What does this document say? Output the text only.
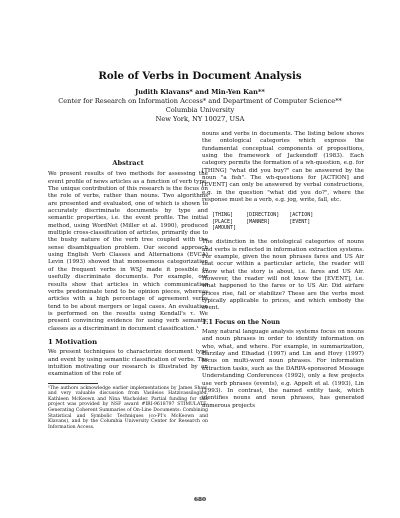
Role of Verbs in Document Analysis
Judith Klavans* and Min-Yen Kan**
Center for Research on Information Access* and Department of Computer Science**
Columbia University
New York, NY 10027, USA
Abstract

We present results of two methods for assessing the event profile of news articles as a function of verb type. The unique contribution of this research is the focus on the role of verbs, rather than nouns. Two algorithms are presented and evaluated, one of which is shown to accurately discriminate documents by type and semantic properties, i.e. the event profile. The initial method, using WordNet (Miller et al. 1990), produced multiple cross-classification of articles, primarily due to the bushy nature of the verb tree coupled with the sense disambiguation problem. Our second approach using English Verb Classes and Alternations (EVCA) Levin (1993) showed that monosemous categorization of the frequent verbs in WSJ made it possible to usefully discriminate documents. For example, our results show that articles in which communication verbs predominate tend to be opinion pieces, whereas articles with a high percentage of agreement verbs tend to be about mergers or legal cases. An evaluation is performed on the results using Kendall's τ. We present convincing evidence for using verb semantic classes as a discriminant in document classification.¹

1 Motivation

We present techniques to characterize document type and event by using semantic classification of verbs. The intuition motivating our research is illustrated by an examination of the role of

¹The authors acknowledge earlier implementations by James Shaw, and very valuable discussion from Vasileios Hatzivassiloglou, Kathleen McKeown and Nina Wacholder. Partial funding for this project was provided by NSF award #IRI-9618797 STIMULATE: Generating Coherent Summaries of On-Line Documents: Combining Statistical and Symbolic Techniques (co-PI's McKeown and Klavans), and by the Columbia University Center for Research on Information Access.

nouns and verbs in documents. The listing below shows the ontological categories which express the fundamental conceptual components of propositions, using the framework of Jackendoff (1983). Each category permits the formation of a wh-question, e.g. for [THING] "what did you buy?" can be answered by the noun "a fish". The wh-questions for [ACTION] and [EVENT] can only be answered by verbal constructions, e.g. in the question "what did you do?", where the response must be a verb, e.g. jog, write, fall, etc.

[THING]
[PLACE]
[AMOUNT]
[DIRECTION]
[MANNER]
[ACTION]
[EVENT]

The distinction in the ontological categories of nouns and verbs is reflected in information extraction systems. For example, given the noun phrases fares and US Air that occur within a particular article, the reader will know what the story is about, i.e. fares and US Air. However, the reader will not know the [EVENT], i.e. what happened to the fares or to US Air. Did airfare prices rise, fall or stabilize? These are the verbs most typically applicable to prices, and which embody the event.

1.1 Focus on the Noun

Many natural language analysis systems focus on nouns and noun phrases in order to identify information on who, what, and where. For example, in summarization, Barzilay and Elhadad (1997) and Lin and Hovy (1997) focus on multi-word noun phrases. For information extraction tasks, such as the DARPA-sponsored Message Understanding Conferences (1992), only a few projects use verb phrases (events), e.g. Appelt et al. (1993), Lin (1993). In contrast, the named entity task, which identifies nouns and noun phrases, has generated numerous projects

680
